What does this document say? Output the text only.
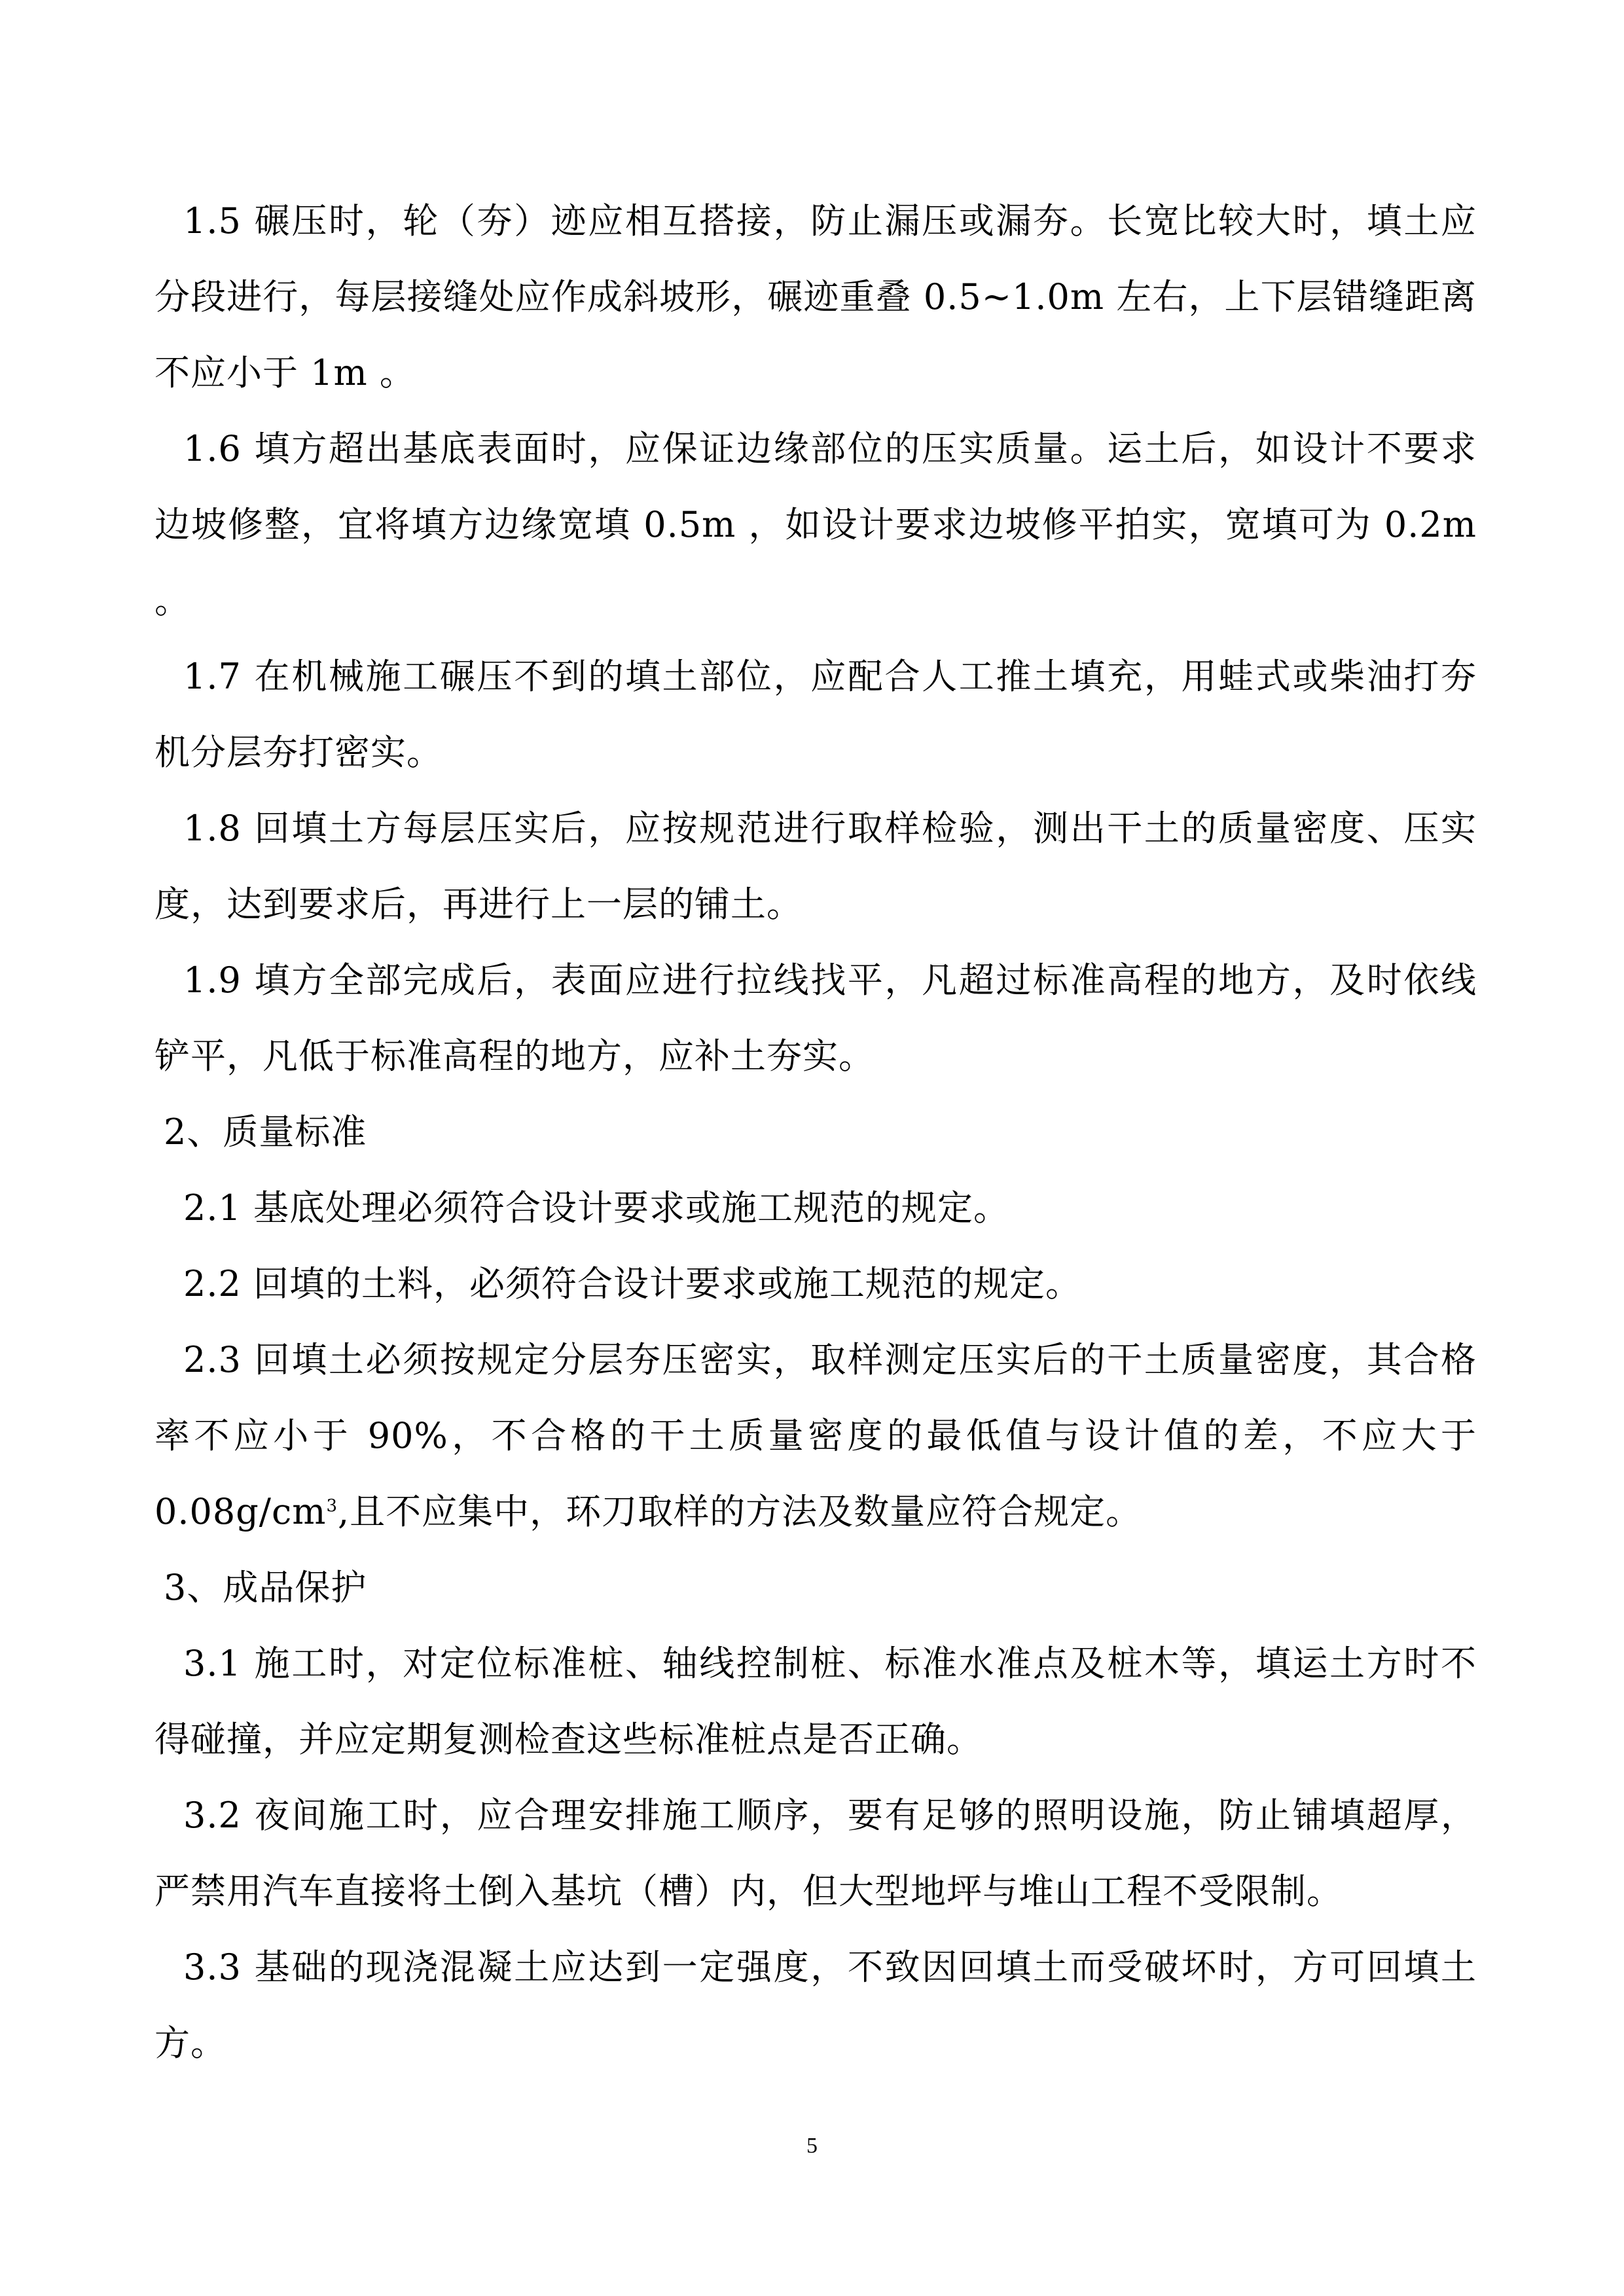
1.5 碾压时，轮（夯）迹应相互搭接，防止漏压或漏夯。长宽比较大时，填土应分段进行，每层接缝处应作成斜坡形，碾迹重叠 0.5~1.0m 左右，上下层错缝距离不应小于 1m 。

1.6 填方超出基底表面时，应保证边缘部位的压实质量。运土后，如设计不要求边坡修整，宜将填方边缘宽填 0.5m ，如设计要求边坡修平拍实，宽填可为 0.2m 。

1.7 在机械施工碾压不到的填土部位，应配合人工推土填充，用蛙式或柴油打夯机分层夯打密实。

1.8 回填土方每层压实后，应按规范进行取样检验，测出干土的质量密度、压实度，达到要求后，再进行上一层的铺土。

1.9 填方全部完成后，表面应进行拉线找平，凡超过标准高程的地方，及时依线铲平，凡低于标准高程的地方，应补土夯实。

2、质量标准

2.1 基底处理必须符合设计要求或施工规范的规定。

2.2 回填的土料，必须符合设计要求或施工规范的规定。

2.3 回填土必须按规定分层夯压密实，取样测定压实后的干土质量密度，其合格率不应小于 90%，不合格的干土质量密度的最低值与设计值的差，不应大于 $0.08g/cm^3$,且不应集中，环刀取样的方法及数量应符合规定。

3、成品保护

3.1 施工时，对定位标准桩、轴线控制桩、标准水准点及桩木等，填运土方时不得碰撞，并应定期复测检查这些标准桩点是否正确。

3.2 夜间施工时，应合理安排施工顺序，要有足够的照明设施，防止铺填超厚，严禁用汽车直接将土倒入基坑（槽）内，但大型地坪与堆山工程不受限制。

3.3 基础的现浇混凝土应达到一定强度，不致因回填土而受破坏时，方可回填土方。

5
